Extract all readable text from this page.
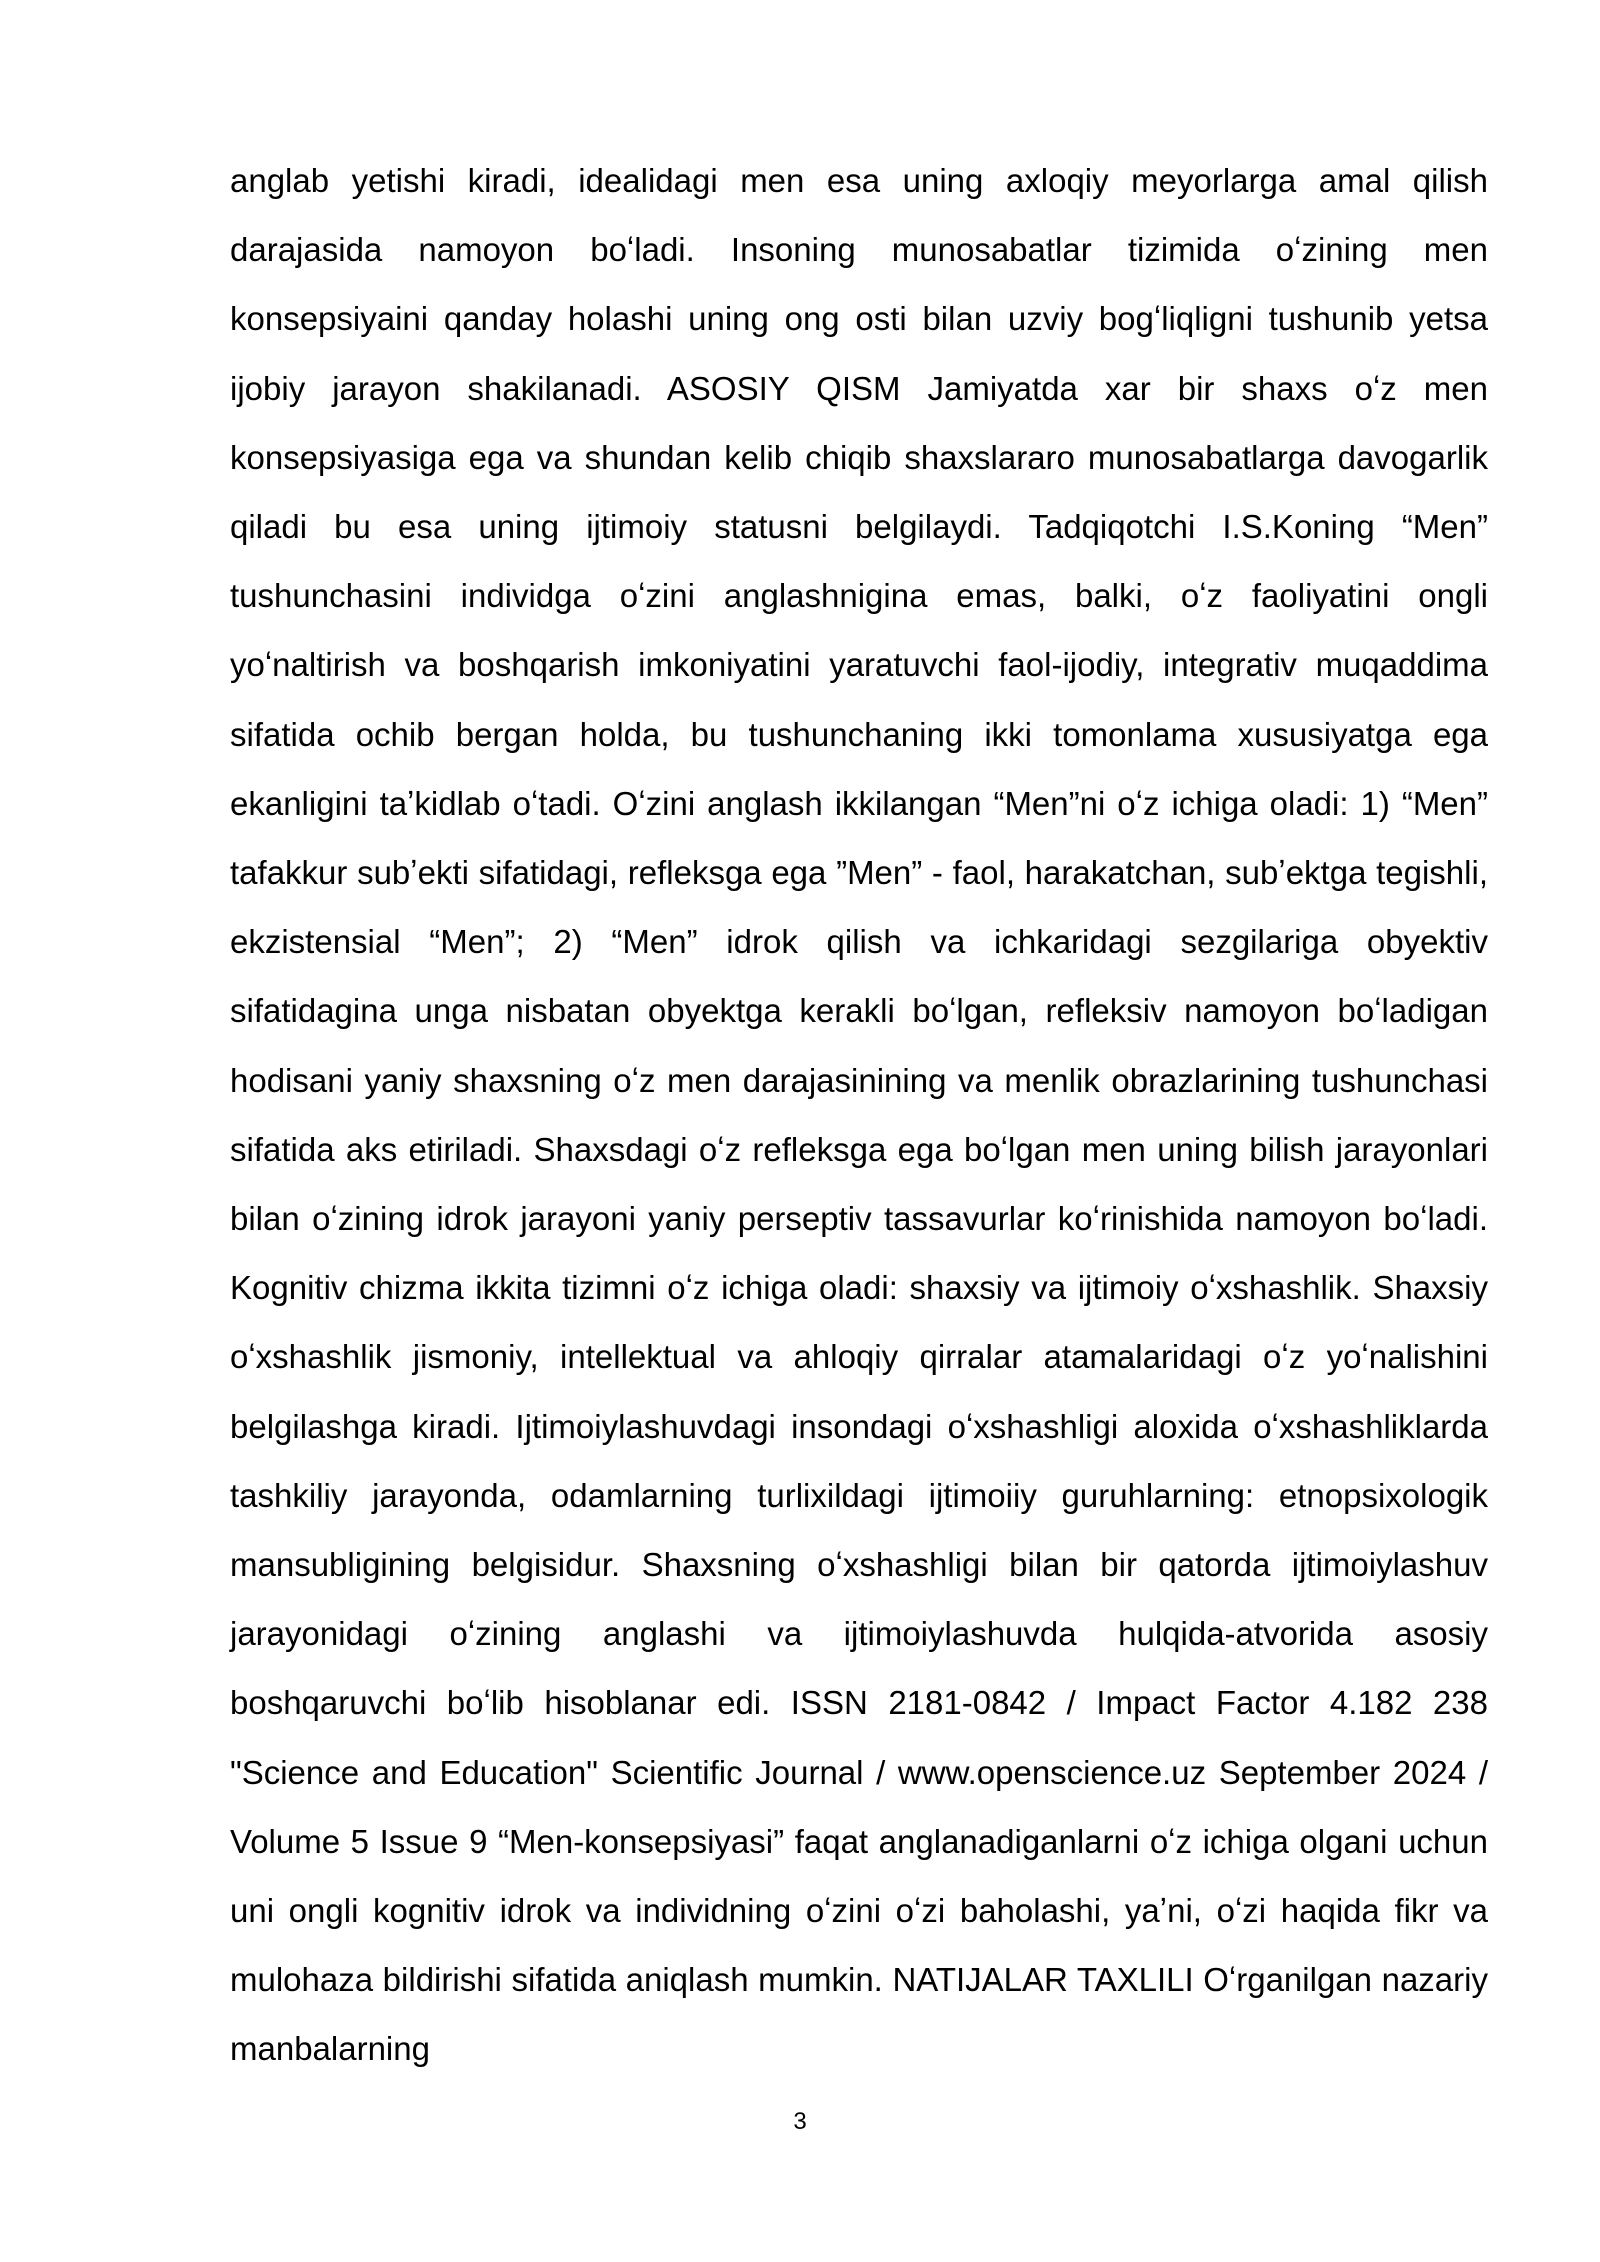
anglab yetishi kiradi, idealidagi men esa uning axloqiy meyorlarga amal qilish darajasida namoyon boʻladi. Insoning munosabatlar tizimida oʻzining men konsepsiyaini qanday holashi uning ong osti bilan uzviy bogʻliqligni tushunib yetsa ijobiy jarayon shakilanadi. ASOSIY QISM Jamiyatda xar bir shaxs oʻz men konsepsiyasiga ega va shundan kelib chiqib shaxslararo munosabatlarga davogarlik qiladi bu esa uning ijtimoiy statusni belgilaydi. Tadqiqotchi I.S.Koning “Men” tushunchasini individga oʻzini anglashnigina emas, balki, oʻz faoliyatini ongli yoʻnaltirish va boshqarish imkoniyatini yaratuvchi faol-ijodiy, integrativ muqaddima sifatida ochib bergan holda, bu tushunchaning ikki tomonlama xususiyatga ega ekanligini taʼkidlab oʻtadi. Oʻzini anglash ikkilangan “Men”ni oʻz ichiga oladi: 1) “Men” tafakkur subʼekti sifatidagi, refleksga ega ”Men” - faol, harakatchan, subʼektga tegishli, ekzistensial “Men”; 2) “Men” idrok qilish va ichkaridagi sezgilariga obyektiv sifatidagina unga nisbatan obyektga kerakli boʻlgan, refleksiv namoyon boʻladigan hodisani yaniy shaxsning oʻz men darajasinining va menlik obrazlarining tushunchasi sifatida aks etiriladi. Shaxsdagi oʻz refleksga ega boʻlgan men uning bilish jarayonlari bilan oʻzining idrok jarayoni yaniy perseptiv tassavurlar koʻrinishida namoyon boʻladi. Kognitiv chizma ikkita tizimni oʻz ichiga oladi: shaxsiy va ijtimoiy oʻxshashlik. Shaxsiy oʻxshashlik jismoniy, intellektual va ahloqiy qirralar atamalaridagi oʻz yoʻnalishini belgilashga kiradi. Ijtimoiylashuvdagi insondagi oʻxshashligi aloxida oʻxshashliklarda tashkiliy jarayonda, odamlarning turlixildagi ijtimoiiy guruhlarning: etnopsixologik mansubligining belgisidur. Shaxsning oʻxshashligi bilan bir qatorda ijtimoiylashuv jarayonidagi oʻzining anglashi va ijtimoiylashuvda hulqida-atvorida asosiy boshqaruvchi boʻlib hisoblanar edi. ISSN 2181-0842 / Impact Factor 4.182 238 "Science and Education" Scientific Journal / www.openscience.uz September 2024 / Volume 5 Issue 9 “Men-konsepsiyasi” faqat anglanadiganlarni oʻz ichiga olgani uchun uni ongli kognitiv idrok va individning oʻzini oʻzi baholashi, yaʼni, oʻzi haqida fikr va mulohaza bildirishi sifatida aniqlash mumkin. NATIJALAR TAXLILI Oʻrganilgan nazariy manbalarning

3
